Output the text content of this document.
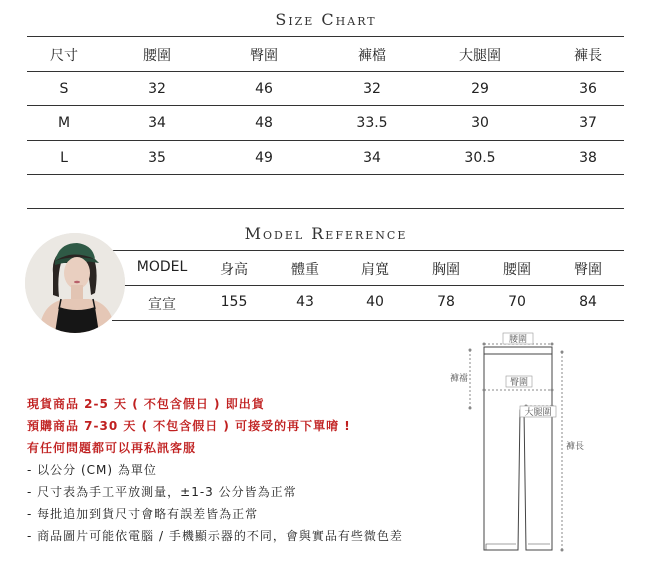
Size Chart
尺寸	腰圍	臀圍	褲檔	大腿圍	褲長
S	32	46	32	29	36
M	34	48	33.5	30	37
L	35	49	34	30.5	38
Model Reference
MODEL 身高	體重	肩寬	胸圍	腰圍	臀圍
宣宣	155	43	40	78	70	84
現貨商品 2-5 天 ( 不包含假日 ) 即出貨
預購商品 7-30 天 ( 不包含假日 ) 可接受的再下單唷 !
有任何問題都可以再私訊客服
- 以公分 (CM) 為單位
- 尺寸表為手工平放測量，±1-3 公分皆為正常
- 每批追加到貨尺寸會略有誤差皆為正常
- 商品圖片可能依電腦 / 手機顯示器的不同，會與實品有些微色差
腰圍
褲襠	臀圍
大腿圍
褲長
